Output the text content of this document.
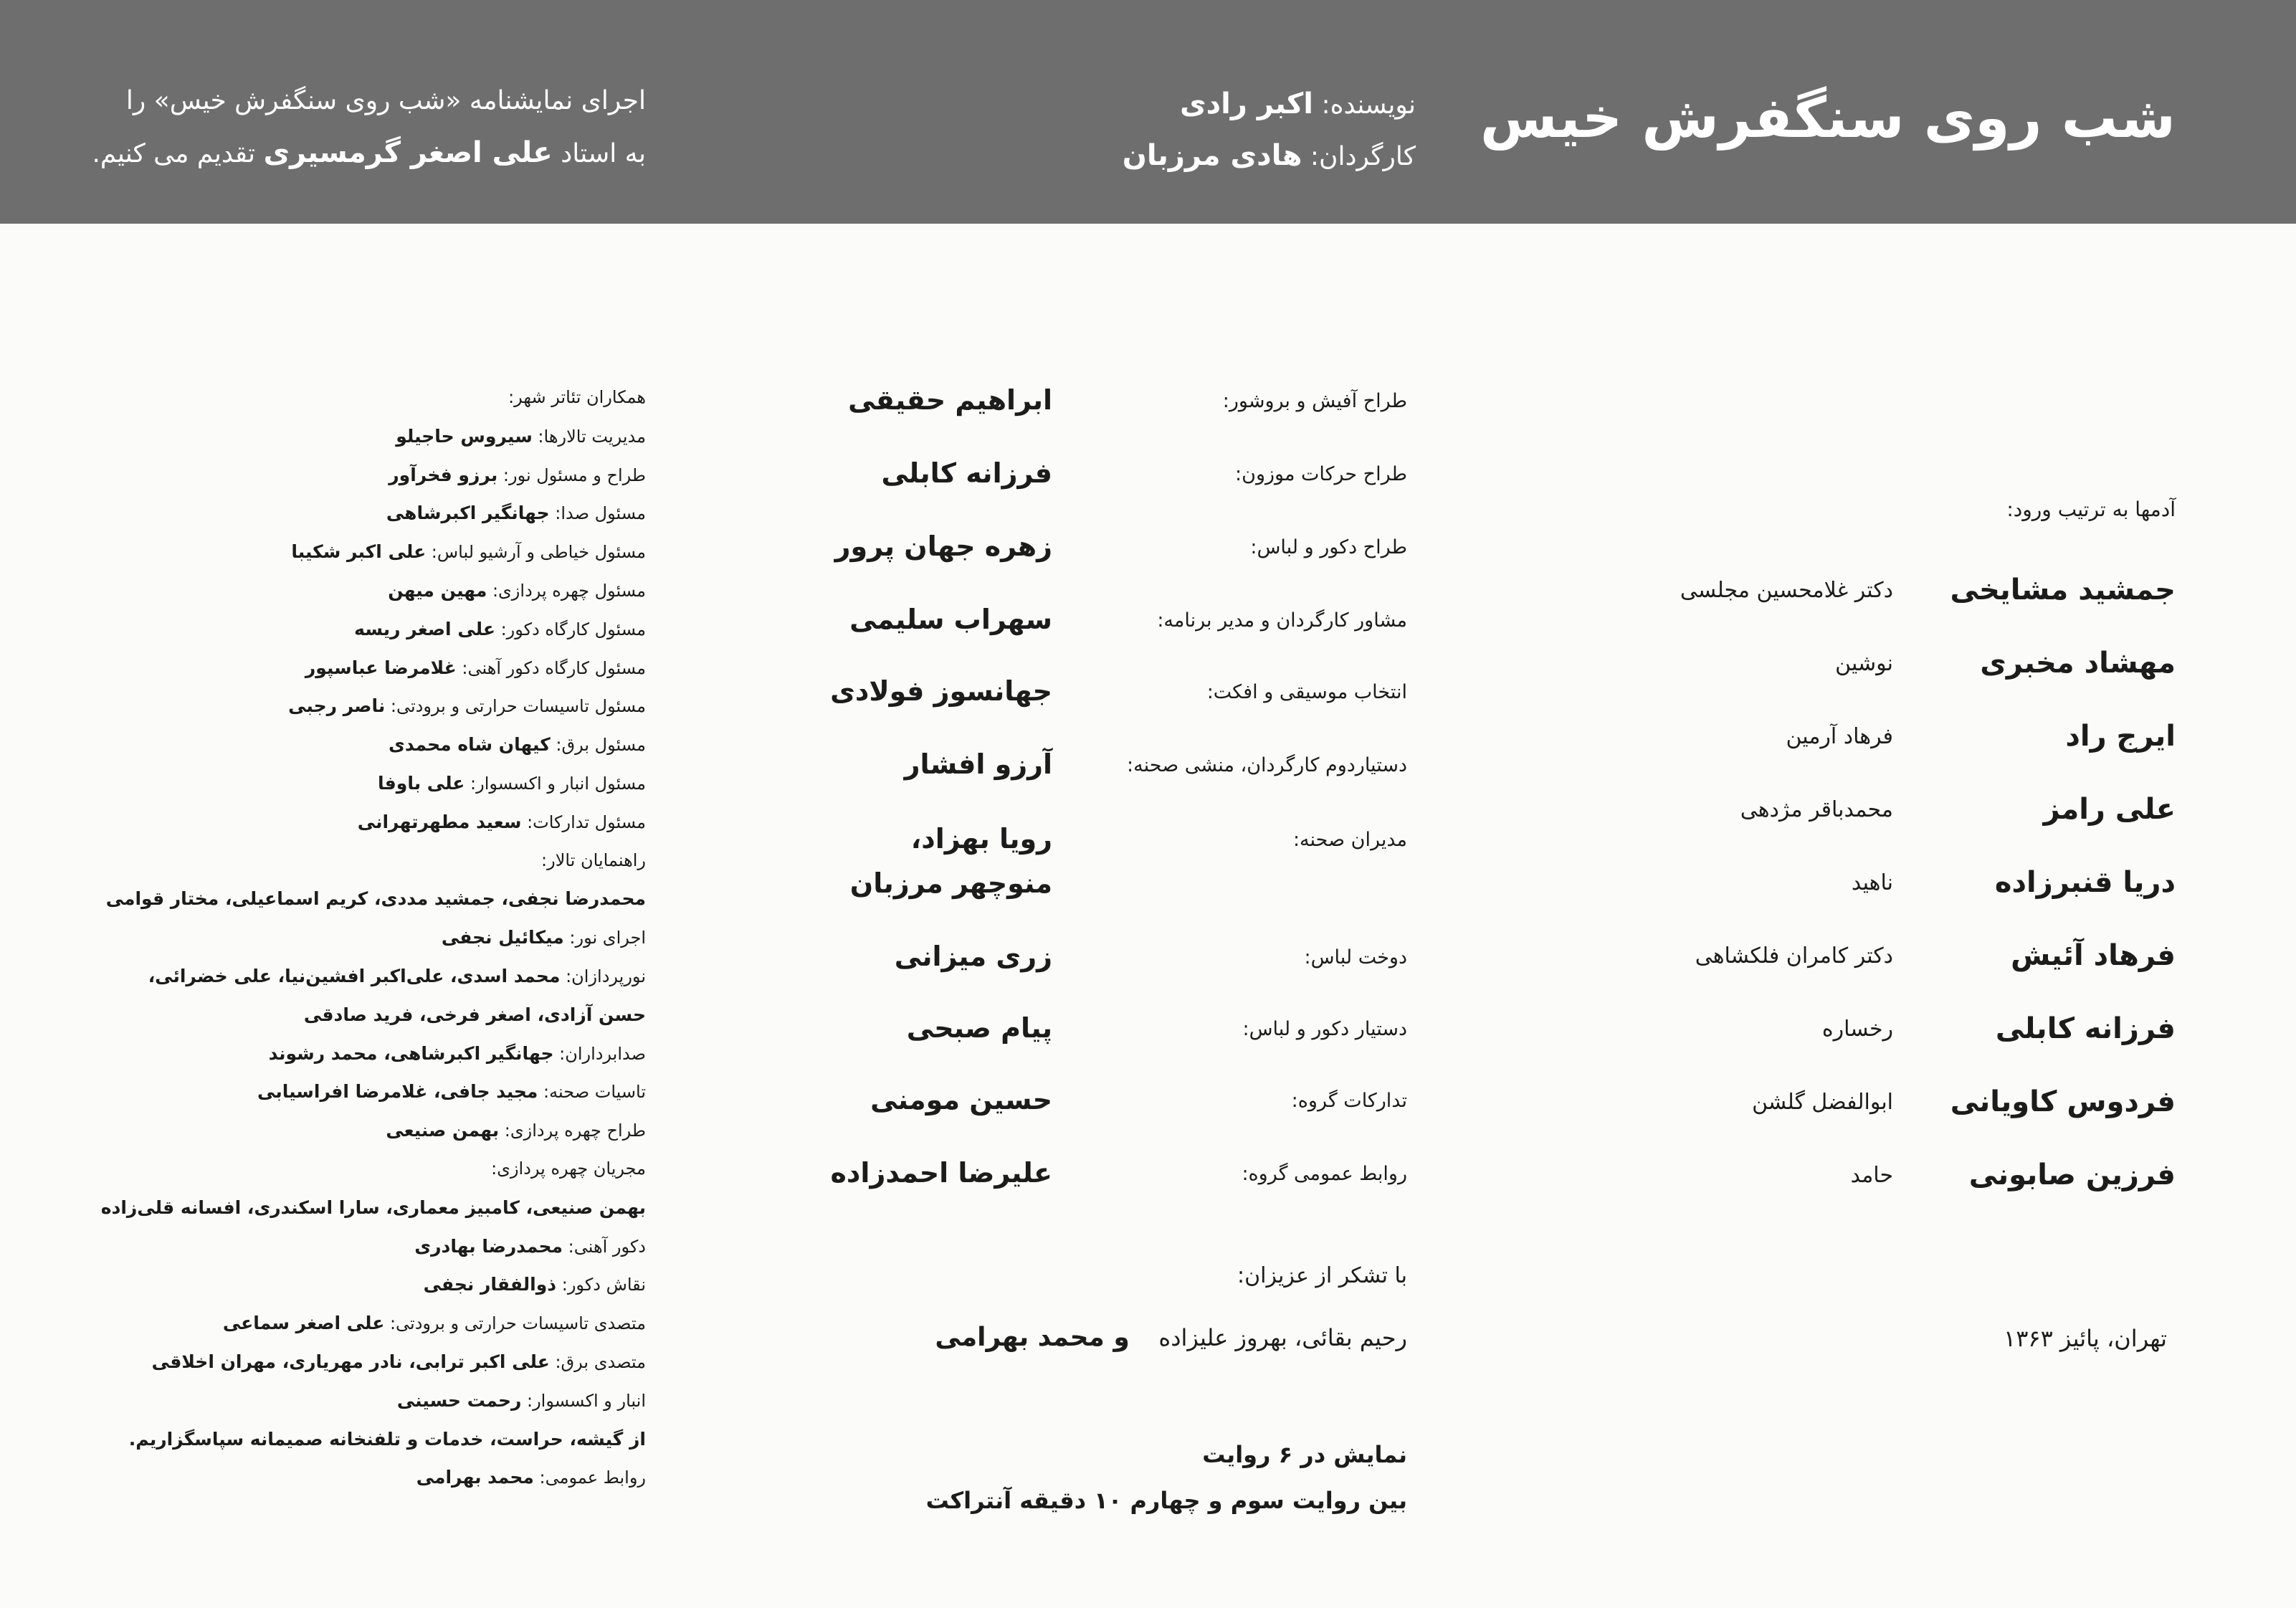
شب روی سنگفرش خیس
نویسنده: اکبر رادی
کارگردان: هادی مرزبان
اجرای نمایشنامه «شب روی سنگفرش خیس» را
به استاد علی اصغر گرمسیری تقدیم می کنیم.
آدمها به ترتیب ورود:
جمشید مشایخی
دکتر غلامحسین مجلسی
مهشاد مخبری
نوشین
ایرج راد
فرهاد آرمین
علی رامز
محمدباقر مژدهی
دریا قنبرزاده
ناهید
فرهاد آئیش
دکتر کامران فلکشاهی
فرزانه کابلی
رخساره
فردوس کاویانی
ابوالفضل گلشن
فرزین صابونی
حامد
تهران، پائیز ۱۳۶۳
طراح آفیش و بروشور:
ابراهیم حقیقی
طراح حرکات موزون:
فرزانه کابلی
طراح دکور و لباس:
زهره جهان پرور
مشاور کارگردان و مدیر برنامه:
سهراب سلیمی
انتخاب موسیقی و افکت:
جهانسوز فولادی
دستیاردوم کارگردان، منشی صحنه:
آرزو افشار
مدیران صحنه:
رویا بهزاد،
منوچهر مرزبان
دوخت لباس:
زری میزانی
دستیار دکور و لباس:
پیام صبحی
تدارکات گروه:
حسین مومنی
روابط عمومی گروه:
علیرضا احمدزاده
با تشکر از عزیزان:
رحیم بقائی، بهروز علیزاده    و محمد بهرامی
نمایش در ۶ روایت
بین روایت سوم و چهارم ۱۰ دقیقه آنتراکت
همکاران تئاتر شهر:
مدیریت تالارها: سیروس حاجیلو
طراح و مسئول نور: برزو فخرآور
مسئول صدا: جهانگیر اکبرشاهی
مسئول خیاطی و آرشیو لباس: علی اکبر شکیبا
مسئول چهره پردازی: مهین میهن
مسئول کارگاه دکور: علی اصغر ریسه
مسئول کارگاه دکور آهنی: غلامرضا عباسپور
مسئول تاسیسات حرارتی و برودتی: ناصر رجبی
مسئول برق: کیهان شاه محمدی
مسئول انبار و اکسسوار: علی باوفا
مسئول تدارکات: سعید مطهرتهرانی
راهنمایان تالار:
محمدرضا نجفی، جمشید مددی، کریم اسماعیلی، مختار قوامی
اجرای نور: میکائیل نجفی
نورپردازان: محمد اسدی، علی‌اکبر افشین‌نیا، علی خضرائی،
حسن آزادی، اصغر فرخی، فرید صادقی
صدابرداران: جهانگیر اکبرشاهی، محمد رشوند
تاسیات صحنه: مجید جافی، غلامرضا افراسیابی
طراح چهره پردازی: بهمن صنیعی
مجریان چهره پردازی:
بهمن صنیعی، کامبیز معماری، سارا اسکندری، افسانه قلی‌زاده
دکور آهنی: محمدرضا بهادری
نقاش دکور: ذوالفقار نجفی
متصدی تاسیسات حرارتی و برودتی: علی اصغر سماعی
متصدی برق: علی اکبر ترابی، نادر مهریاری، مهران اخلاقی
انبار و اکسسوار: رحمت حسینی
از گیشه، حراست، خدمات و تلفنخانه صمیمانه سپاسگزاریم.
روابط عمومی: محمد بهرامی
